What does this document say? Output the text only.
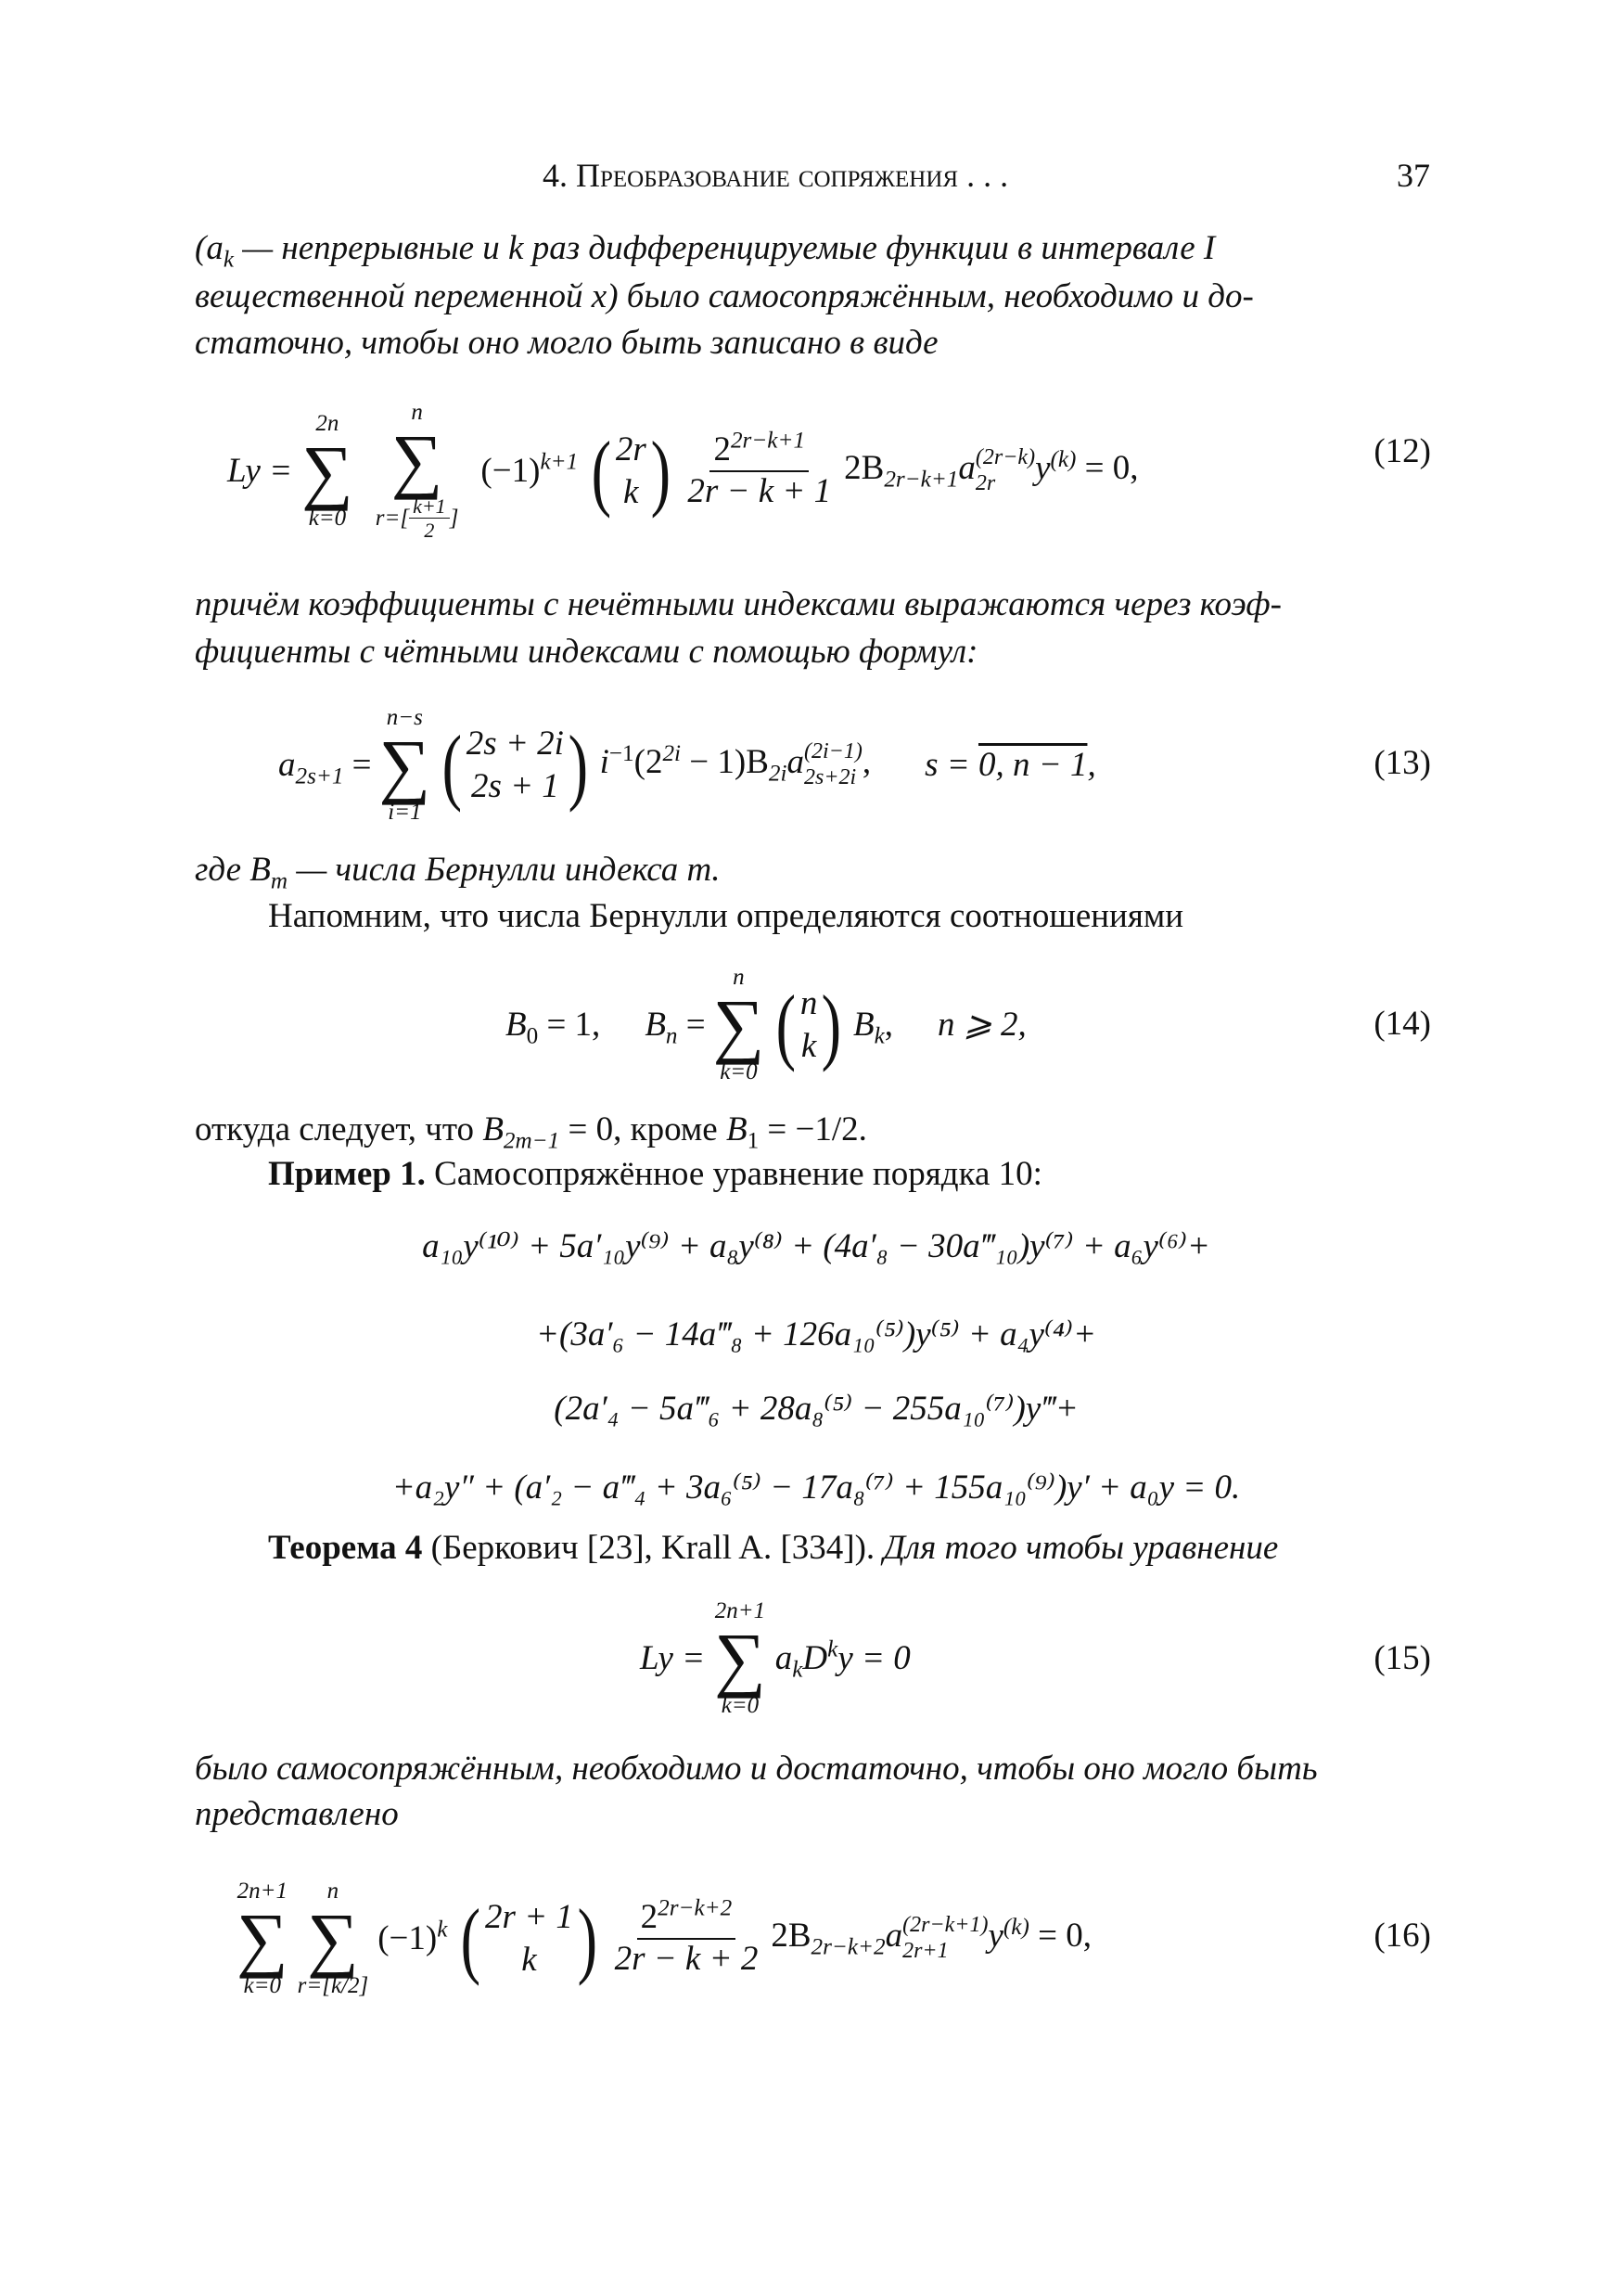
4. Преобразование сопряжения . . .	37
($a_k$ — непрерывные и k раз дифференцируемые функции в интервале I
вещественной переменной x) было самосопряжённым, необходимо и до-
статочно, чтобы оно могло быть записано в виде
Ly =
2n
∑
k=0
n
∑
$r=[ \frac{k+1}{2}$ ]
$(-1)^{k+1}$ ( 2r
k ) $\frac{2^{2r-k+1}}{2r - k + 1} 2B_{2r-k+1}a$ (2r−k)
2r	$y^{(k)} = 0$,	(12)
причём коэффициенты с нечётными индексами выражаются через коэф-
фициенты с чётными индексами с помощью формул:
$a_{2s+1}$ =
n−s
∑
i=1 ( 2s + 2i
2s + 1 ) $i^{-1}(2^{2i} - 1)B_{2i}a$ (2i−1)
2s+2i , s = 0, n − 1,	(13)
где $B_m$ — числа Бернулли индекса m.
Напомним, что числа Бернулли определяются соотношениями
$B_0 = 1$, $B_n$ =
n
∑
k=0 ( n
k ) $B_k$, n ⩾ 2,	(14)
откуда следует, что $B_{2m-1} = 0$, кроме $B_1 = -1/2$.
Пример 1. Самосопряжённое уравнение порядка 10:
a₁₀y⁽¹⁰⁾ + 5a′₁₀y⁽⁹⁾ + a₈y⁽⁸⁾ + (4a′₈ − 30a‴₁₀)y⁽⁷⁾ + a₆y⁽⁶⁾+
+(3a′₆ − 14a‴₈ + 126a₁₀⁽⁵⁾)y⁽⁵⁾ + a₄y⁽⁴⁾+
(2a′₄ − 5a‴₆ + 28a₈⁽⁵⁾ − 255a₁₀⁽⁷⁾)y‴+
+a₂y″ + (a′₂ − a‴₄ + 3a₆⁽⁵⁾ − 17a₈⁽⁷⁾ + 155a₁₀⁽⁹⁾)y′ + a₀y = 0.
Теорема 4 (Беркович [23], Krall A. [334]). Для того чтобы уравнение
Ly =
2n+1
∑
k=0
$a_kD^ky = 0$	(15)
было самосопряжённым, необходимо и достаточно, чтобы оно могло быть
представлено
2n+1
∑
k=0
n
∑
r=[k/2]
$(-1)^k$ ( 2r + 1
k ) $\frac{2^{2r-k+2}}{2r - k + 2} 2B_{2r-k+2}a$ (2r−k+1)
2r+1	$y^{(k)} = 0$,	(16)
